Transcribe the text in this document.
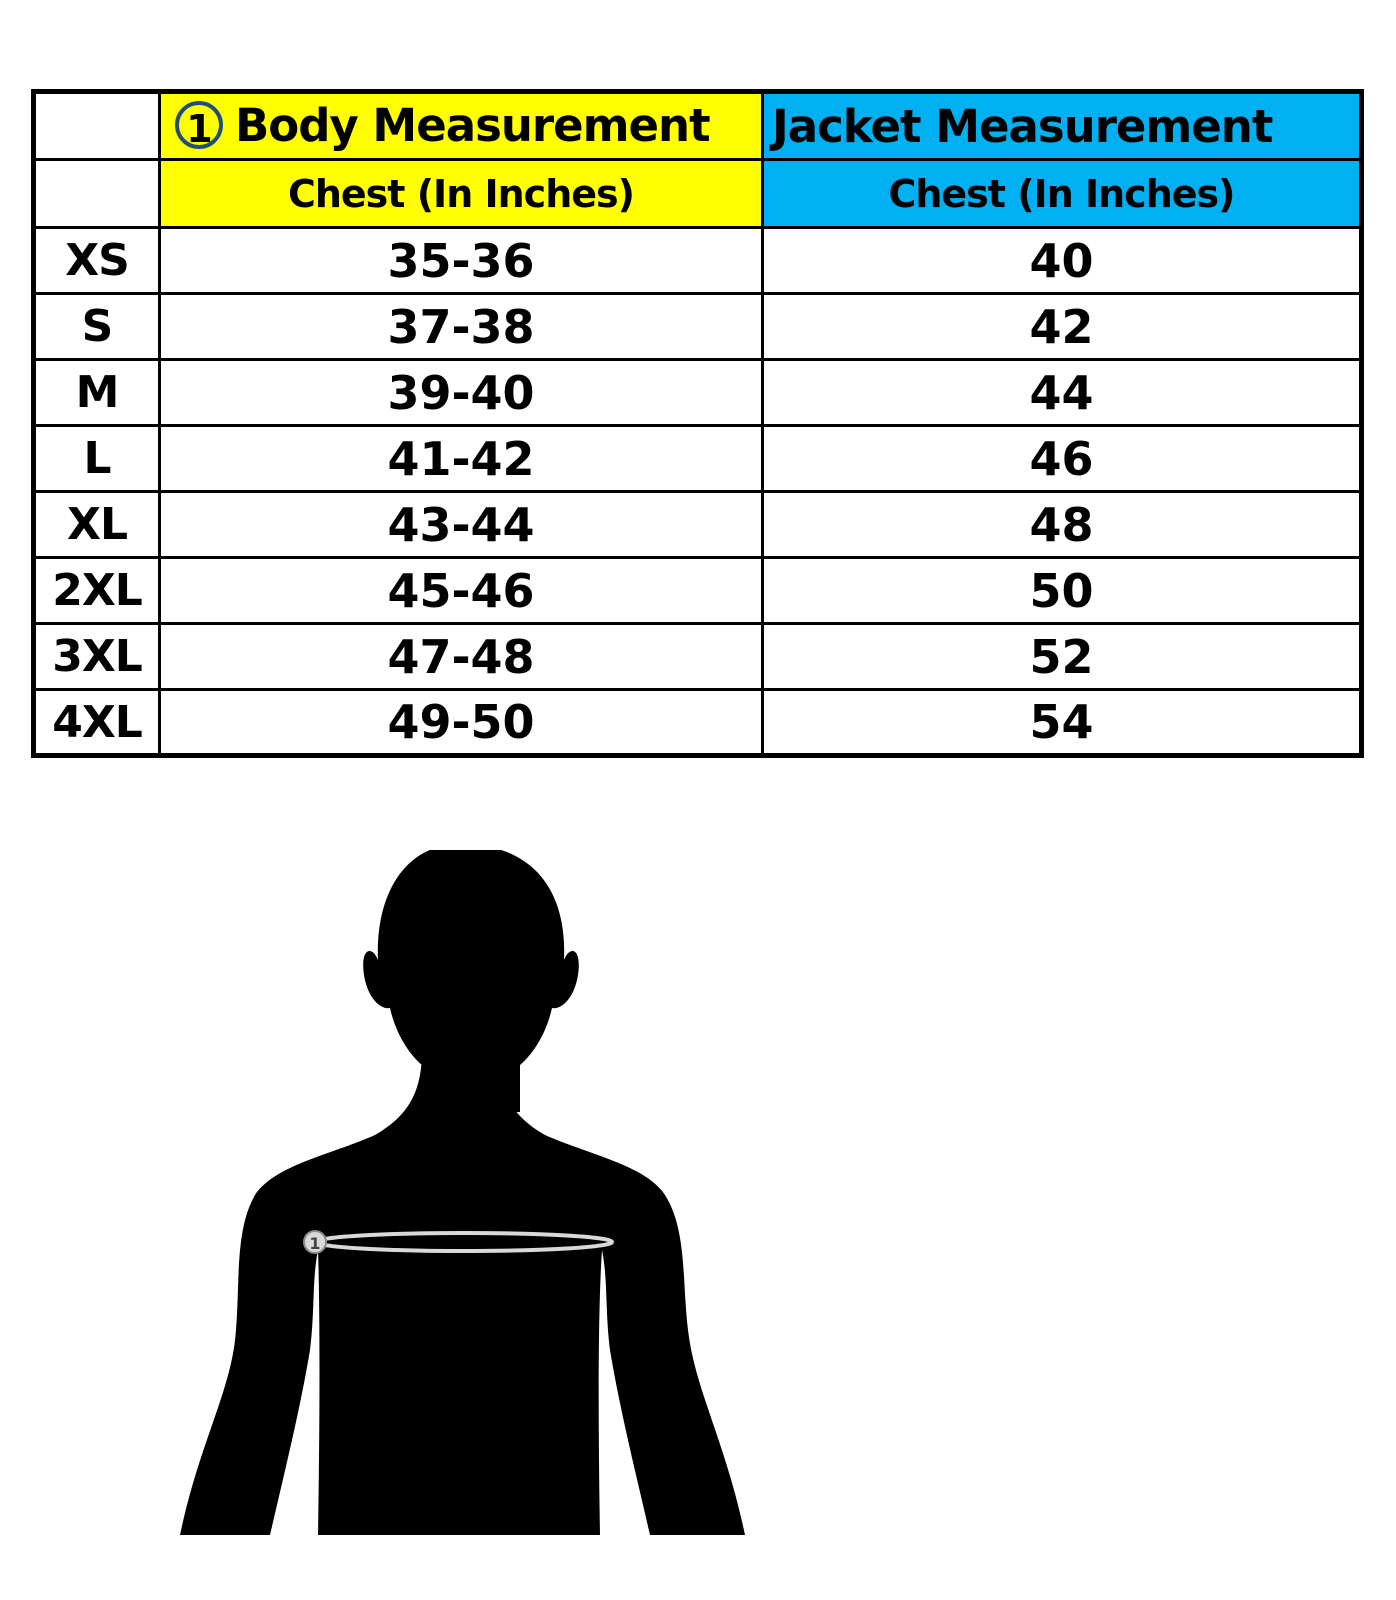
	1 Body Measurement	Jacket Measurement
	Chest (In Inches)	Chest (In Inches)
XS	35-36	40
S	37-38	42
M	39-40	44
L	41-42	46
XL	43-44	48
2XL	45-46	50
3XL	47-48	52
4XL	49-50	54
1
